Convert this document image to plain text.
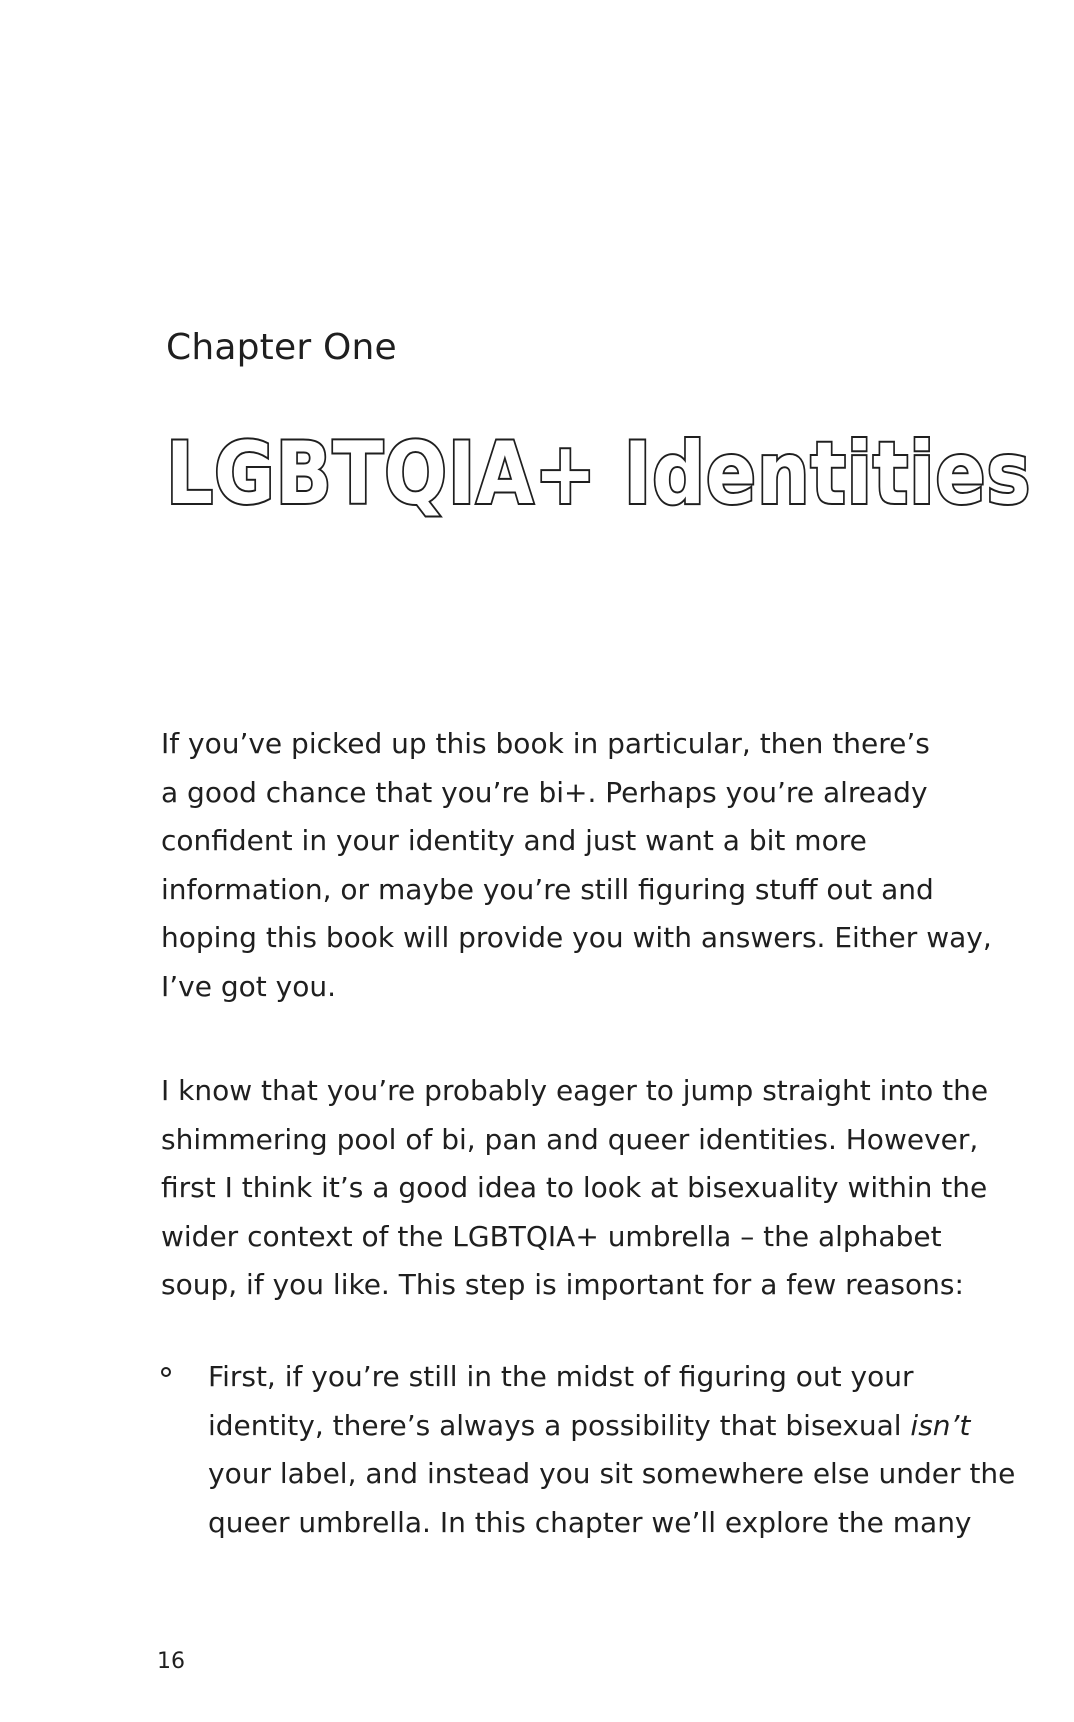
Chapter One
LGBTQIA+ Identities
If you’ve picked up this book in particular, then there’s
a good chance that you’re bi+. Perhaps you’re already
confident in your identity and just want a bit more
information, or maybe you’re still figuring stuff out and
hoping this book will provide you with answers. Either way,
I’ve got you.
I know that you’re probably eager to jump straight into the
shimmering pool of bi, pan and queer identities. However,
first I think it’s a good idea to look at bisexuality within the
wider context of the LGBTQIA+ umbrella – the alphabet
soup, if you like. This step is important for a few reasons:
First, if you’re still in the midst of figuring out your
identity, there’s always a possibility that bisexual isn’t
your label, and instead you sit somewhere else under the
queer umbrella. In this chapter we’ll explore the many
16
